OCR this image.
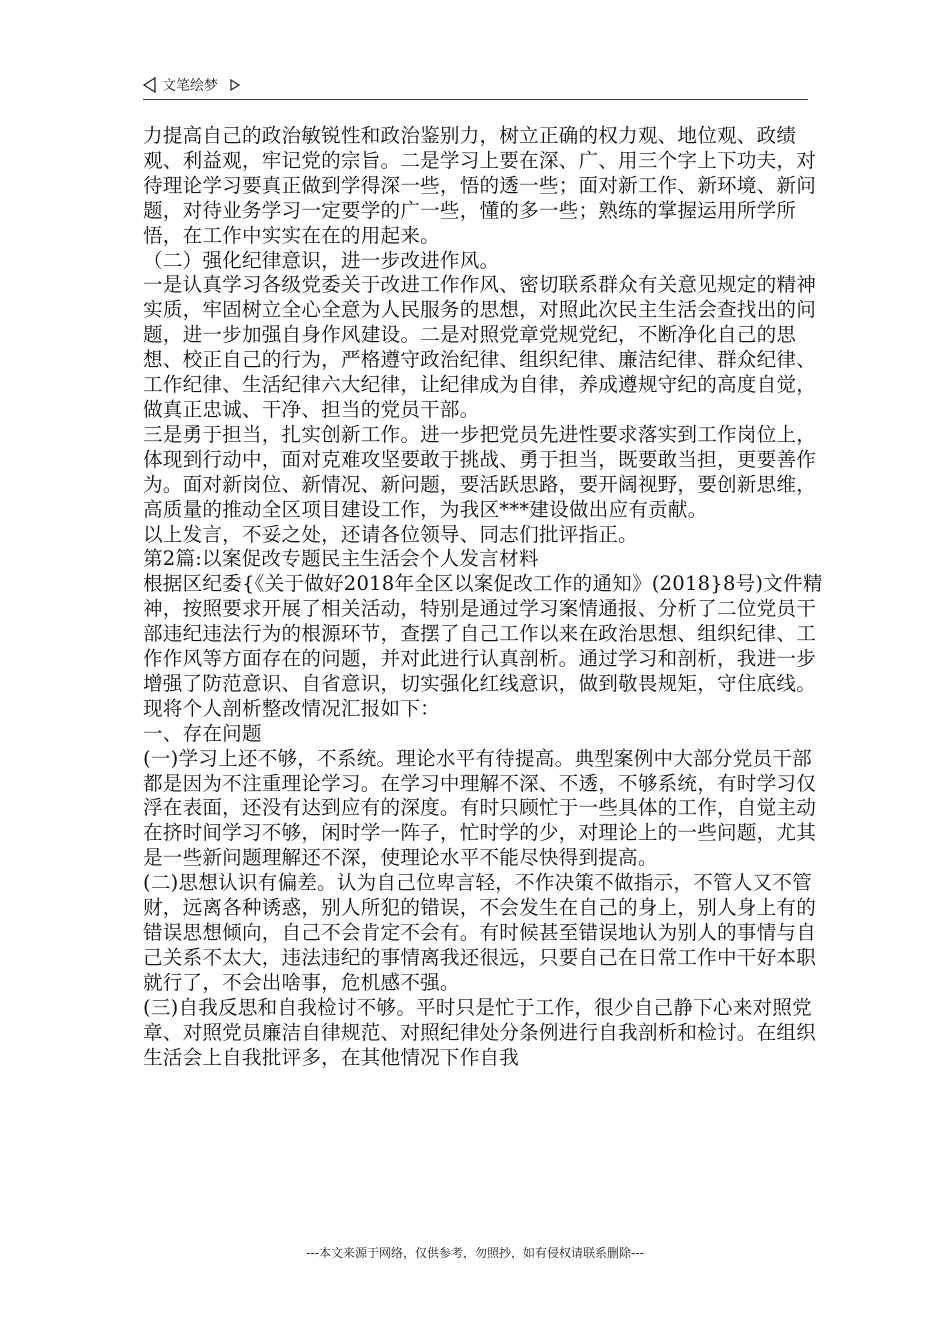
文笔绘梦

力提高自己的政治敏锐性和政治鉴别力，树立正确的权力观、地位观、政绩观、利益观，牢记党的宗旨。二是学习上要在深、广、用三个字上下功夫，对待理论学习要真正做到学得深一些，悟的透一些；面对新工作、新环境、新问题，对待业务学习一定要学的广一些，懂的多一些；熟练的掌握运用所学所悟，在工作中实实在在的用起来。

（二）强化纪律意识，进一步改进作风。

一是认真学习各级党委关于改进工作作风、密切联系群众有关意见规定的精神实质，牢固树立全心全意为人民服务的思想，对照此次民主生活会查找出的问题，进一步加强自身作风建设。二是对照党章党规党纪，不断净化自己的思想、校正自己的行为，严格遵守政治纪律、组织纪律、廉洁纪律、群众纪律、工作纪律、生活纪律六大纪律，让纪律成为自律，养成遵规守纪的高度自觉，做真正忠诚、干净、担当的党员干部。

三是勇于担当，扎实创新工作。进一步把党员先进性要求落实到工作岗位上，体现到行动中，面对克难攻坚要敢于挑战、勇于担当，既要敢当担，更要善作为。面对新岗位、新情况、新问题，要活跃思路，要开阔视野，要创新思维，高质量的推动全区项目建设工作，为我区***建设做出应有贡献。

以上发言，不妥之处，还请各位领导、同志们批评指正。

第2篇:以案促改专题民主生活会个人发言材料

根据区纪委{《关于做好2018年全区以案促改工作的通知》(2018}8号)文件精神，按照要求开展了相关活动，特别是通过学习案情通报、分析了二位党员干部违纪违法行为的根源环节，查摆了自己工作以来在政治思想、组织纪律、工作作风等方面存在的问题，并对此进行认真剖析。通过学习和剖析，我进一步增强了防范意识、自省意识，切实强化红线意识，做到敬畏规矩，守住底线。现将个人剖析整改情况汇报如下：

一、存在问题

(一)学习上还不够，不系统。理论水平有待提高。典型案例中大部分党员干部都是因为不注重理论学习。在学习中理解不深、不透，不够系统，有时学习仅浮在表面，还没有达到应有的深度。有时只顾忙于一些具体的工作，自觉主动在挤时间学习不够，闲时学一阵子，忙时学的少，对理论上的一些问题，尤其是一些新问题理解还不深，使理论水平不能尽快得到提高。

(二)思想认识有偏差。认为自己位卑言轻，不作决策不做指示，不管人又不管财，远离各种诱惑，别人所犯的错误，不会发生在自己的身上，别人身上有的错误思想倾向，自己不会肯定不会有。有时候甚至错误地认为别人的事情与自己关系不太大，违法违纪的事情离我还很远，只要自己在日常工作中干好本职就行了，不会出啥事，危机感不强。

(三)自我反思和自我检讨不够。平时只是忙于工作，很少自己静下心来对照党章、对照党员廉洁自律规范、对照纪律处分条例进行自我剖析和检讨。在组织生活会上自我批评多，在其他情况下作自我

---本文来源于网络，仅供参考，勿照抄，如有侵权请联系删除---
